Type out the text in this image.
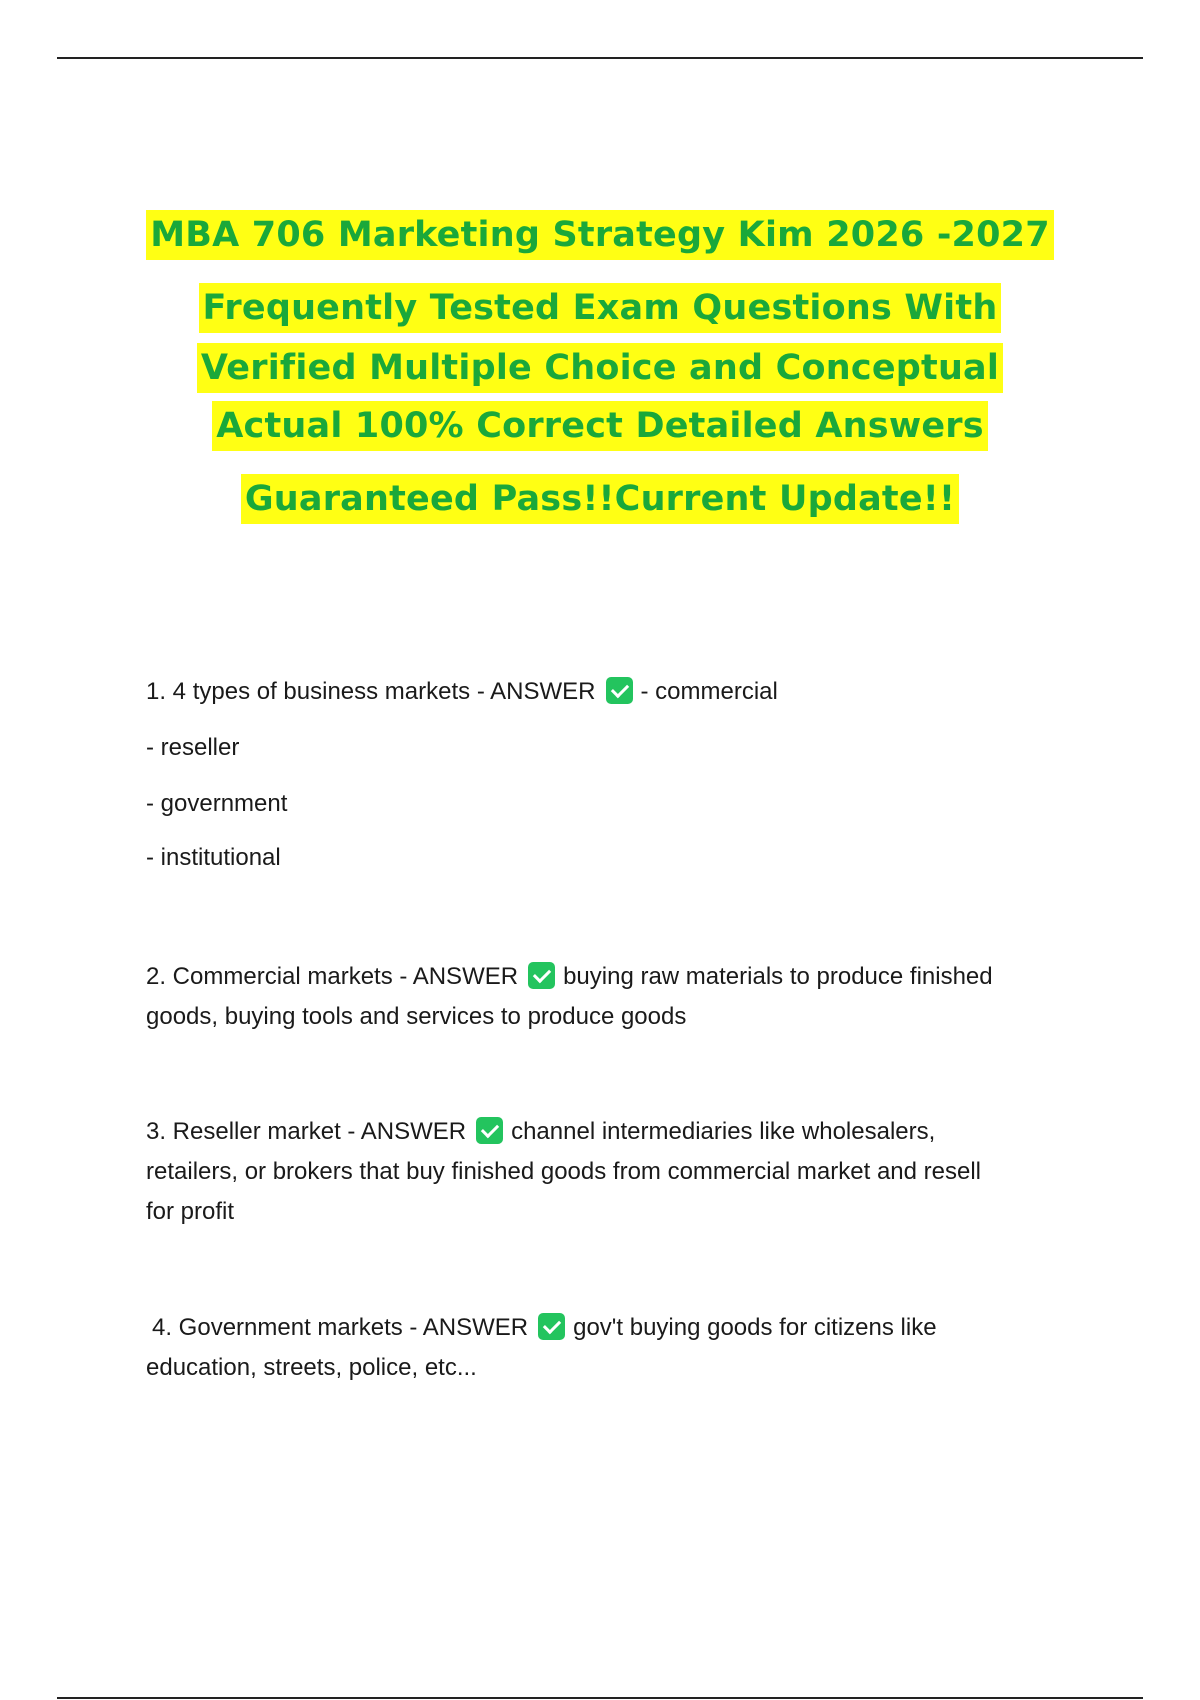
MBA 706 Marketing Strategy Kim 2026 -2027
Frequently Tested Exam Questions With
Verified Multiple Choice and Conceptual
Actual 100% Correct Detailed Answers
Guaranteed Pass!!Current Update!!
1. 4 types of business markets - ANSWER - commercial
- reseller
- government
- institutional
2. Commercial markets - ANSWER buying raw materials to produce finished
goods, buying tools and services to produce goods
3. Reseller market - ANSWER channel intermediaries like wholesalers,
retailers, or brokers that buy finished goods from commercial market and resell
for profit
4. Government markets - ANSWER gov't buying goods for citizens like
education, streets, police, etc...
